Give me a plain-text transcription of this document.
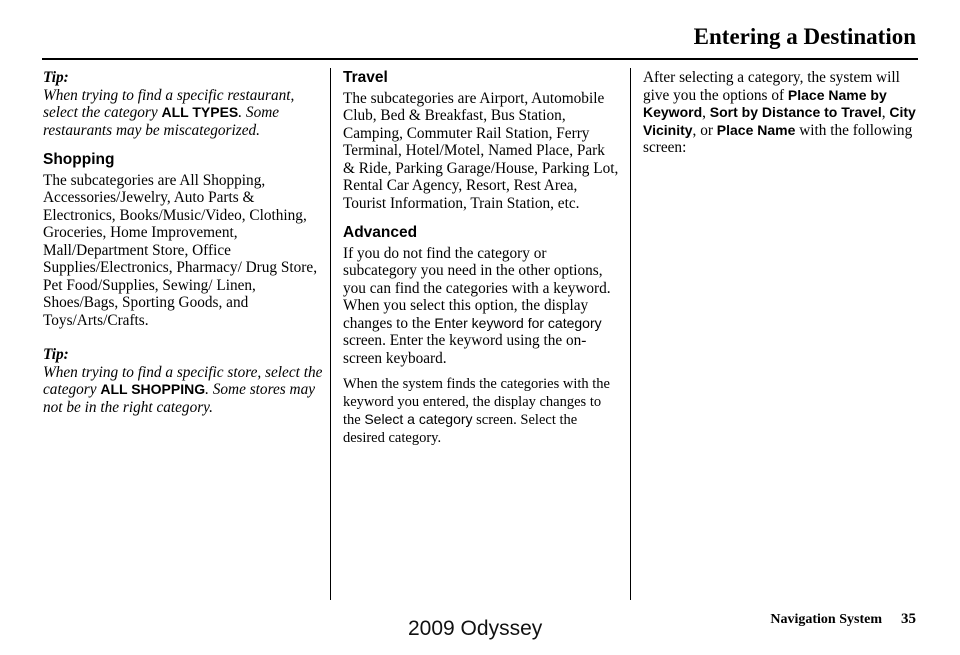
Entering a Destination

Tip:

When trying to find a specific restaurant, select the category ALL TYPES. Some restaurants may be miscategorized.

Shopping

The subcategories are All Shopping, Accessories/Jewelry, Auto Parts & Electronics, Books/Music/Video, Clothing, Groceries, Home Improvement, Mall/Department Store, Office Supplies/Electronics, Pharmacy/ Drug Store, Pet Food/Supplies, Sewing/ Linen, Shoes/Bags, Sporting Goods, and Toys/Arts/Crafts.

Tip:

When trying to find a specific store, select the category ALL SHOPPING. Some stores may not be in the right category.

Travel

The subcategories are Airport, Automobile Club, Bed & Breakfast, Bus Station, Camping, Commuter Rail Station, Ferry Terminal, Hotel/Motel, Named Place, Park & Ride, Parking Garage/House, Parking Lot, Rental Car Agency, Resort, Rest Area, Tourist Information, Train Station, etc.

Advanced

If you do not find the category or subcategory you need in the other options, you can find the categories with a keyword. When you select this option, the display changes to the Enter keyword for category screen. Enter the keyword using the on-screen keyboard.

When the system finds the categories with the keyword you entered, the display changes to the Select a category screen. Select the desired category.

After selecting a category, the system will give you the options of Place Name by Keyword, Sort by Distance to Travel, City Vicinity, or Place Name with the following screen:

Navigation System 35

2009 Odyssey
